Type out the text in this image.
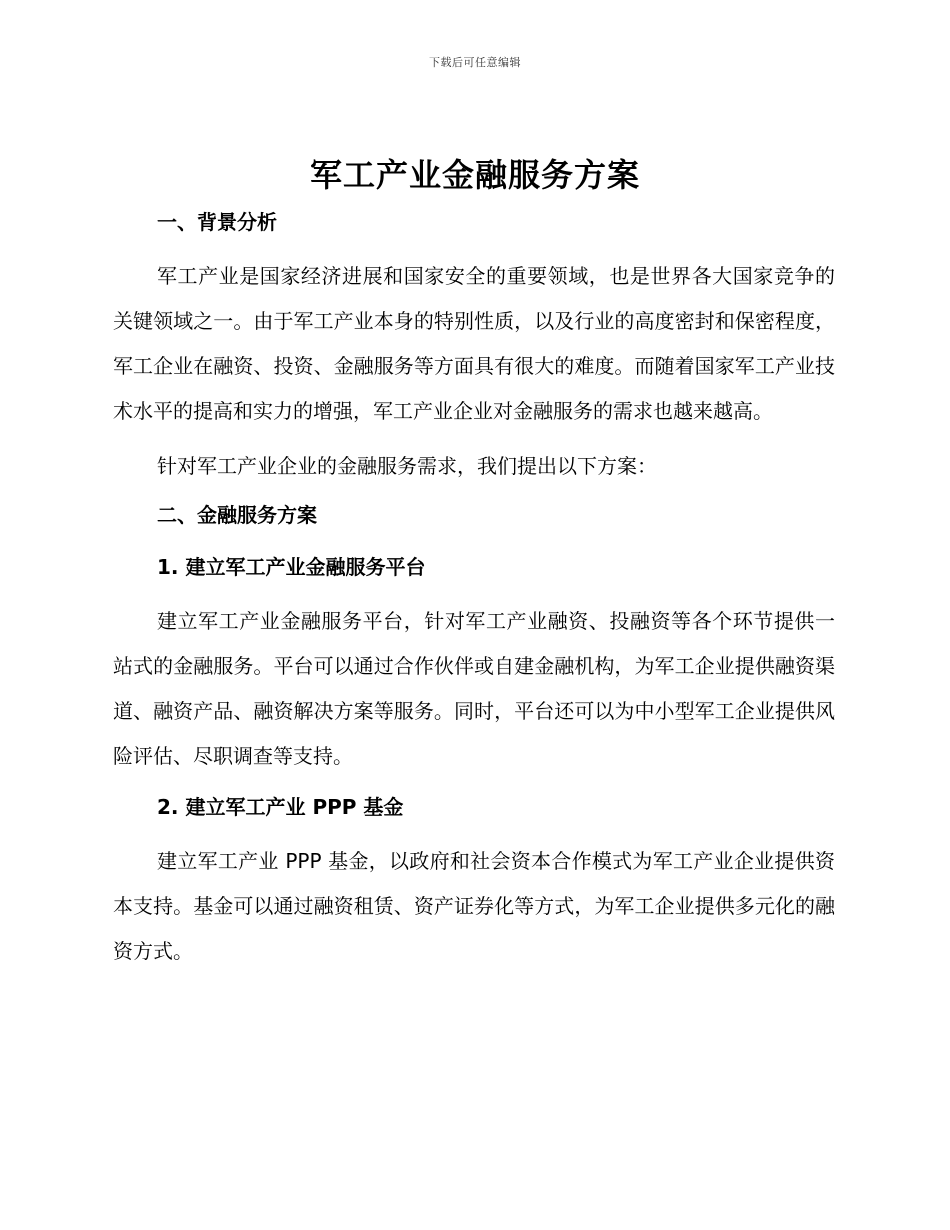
下载后可任意编辑
军工产业金融服务方案

一、背景分析

军工产业是国家经济进展和国家安全的重要领域，也是世界各大国家竞争的关键领域之一。由于军工产业本身的特别性质，以及行业的高度密封和保密程度，军工企业在融资、投资、金融服务等方面具有很大的难度。而随着国家军工产业技术水平的提高和实力的增强，军工产业企业对金融服务的需求也越来越高。

针对军工产业企业的金融服务需求，我们提出以下方案：

二、金融服务方案

1. 建立军工产业金融服务平台

建立军工产业金融服务平台，针对军工产业融资、投融资等各个环节提供一站式的金融服务。平台可以通过合作伙伴或自建金融机构，为军工企业提供融资渠道、融资产品、融资解决方案等服务。同时，平台还可以为中小型军工企业提供风险评估、尽职调查等支持。

2. 建立军工产业 PPP 基金

建立军工产业 PPP 基金，以政府和社会资本合作模式为军工产业企业提供资本支持。基金可以通过融资租赁、资产证券化等方式，为军工企业提供多元化的融资方式。
